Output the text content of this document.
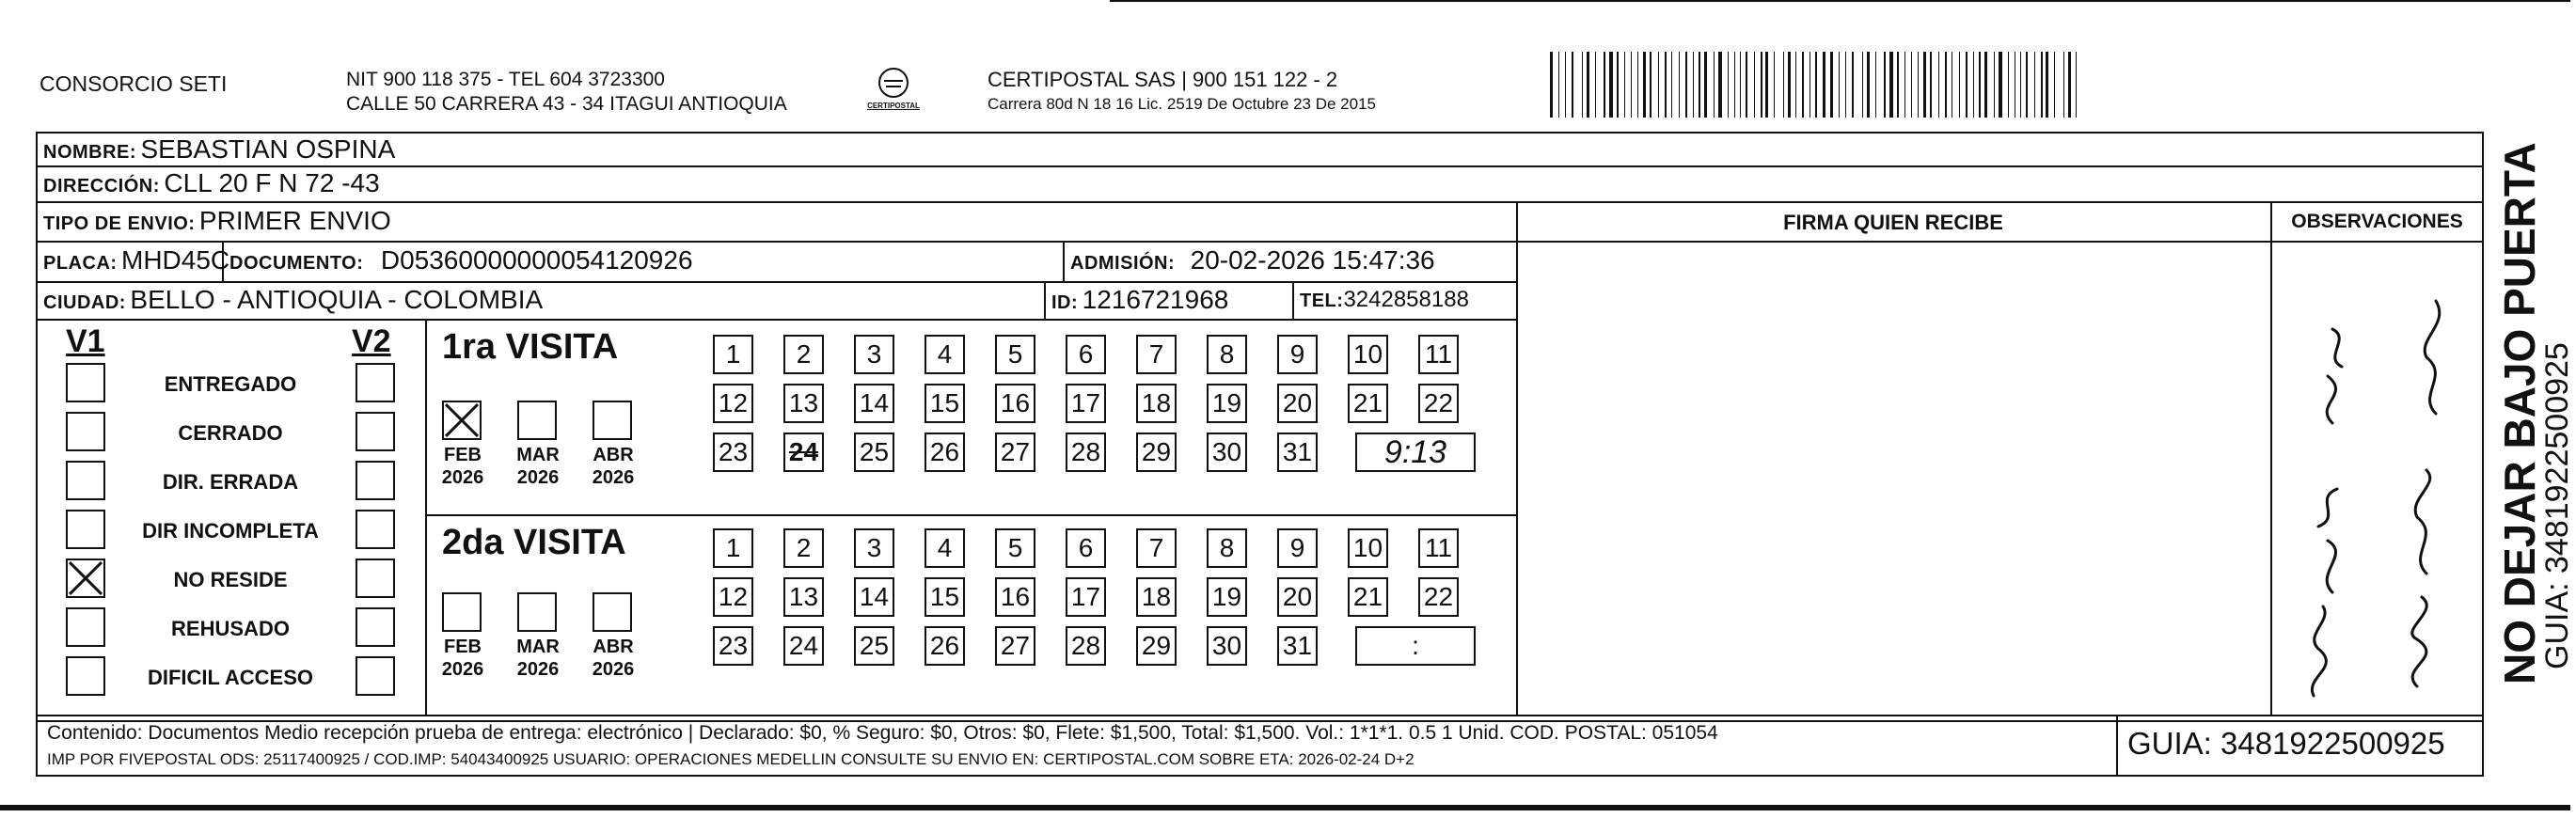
CONSORCIO SETI	NIT 900 118 375 - TEL 604 3723300
CALLE 50 CARRERA 43 - 34 ITAGUI ANTIOQUIA	CERTIPOSTAL
CERTIPOSTAL SAS | 900 151 122 - 2
Carrera 80d N 18 16 Lic. 2519 De Octubre 23 De 2015
NOMBRE: SEBASTIAN OSPINA
DIRECCIÓN: CLL 20 F N 72 -43
TIPO DE ENVIO: PRIMER ENVIO	FIRMA QUIEN RECIBE	OBSERVACIONES
PLACA: MHD45C DOCUMENTO: D05360000000054120926	ADMISIÓN: 20-02-2026 15:47:36
CIUDAD: BELLO - ANTIOQUIA - COLOMBIA	ID: 1216721968	TEL:3242858188
V1	V2
ENTREGADO
CERRADO
DIR. ERRADA
DIR INCOMPLETA
NO RESIDE
REHUSADO
DIFICIL ACCESO
1ra VISITA
2da VISITA
FEB
2026
MAR
2026
ABR
2026
FEB
2026
MAR
2026
ABR
2026
1	2	3	4	5	6	7	8	9	10 11
12 13 14 15 16 17 18 19 20 21 22
23 24 25 26 27 28 29 30 31	9:13
1	2	3	4	5	6	7	8	9	10 11
12 13 14 15 16 17 18 19 20 21 22
23 24 25 26 27 28 29 30 31	:
Contenido: Documentos Medio recepción prueba de entrega: electrónico | Declarado: $0, % Seguro: $0, Otros: $0, Flete: $1,500, Total: $1,500. Vol.: 1*1*1. 0.5 1 Unid. COD. POSTAL: 051054
IMP POR FIVEPOSTAL ODS: 25117400925 / COD.IMP: 54043400925 USUARIO: OPERACIONES MEDELLIN CONSULTE SU ENVIO EN: CERTIPOSTAL.COM SOBRE ETA: 2026-02-24 D+2	GUIA: 3481922500925
NO DEJAR BAJO PUERTA
GUIA: 3481922500925
